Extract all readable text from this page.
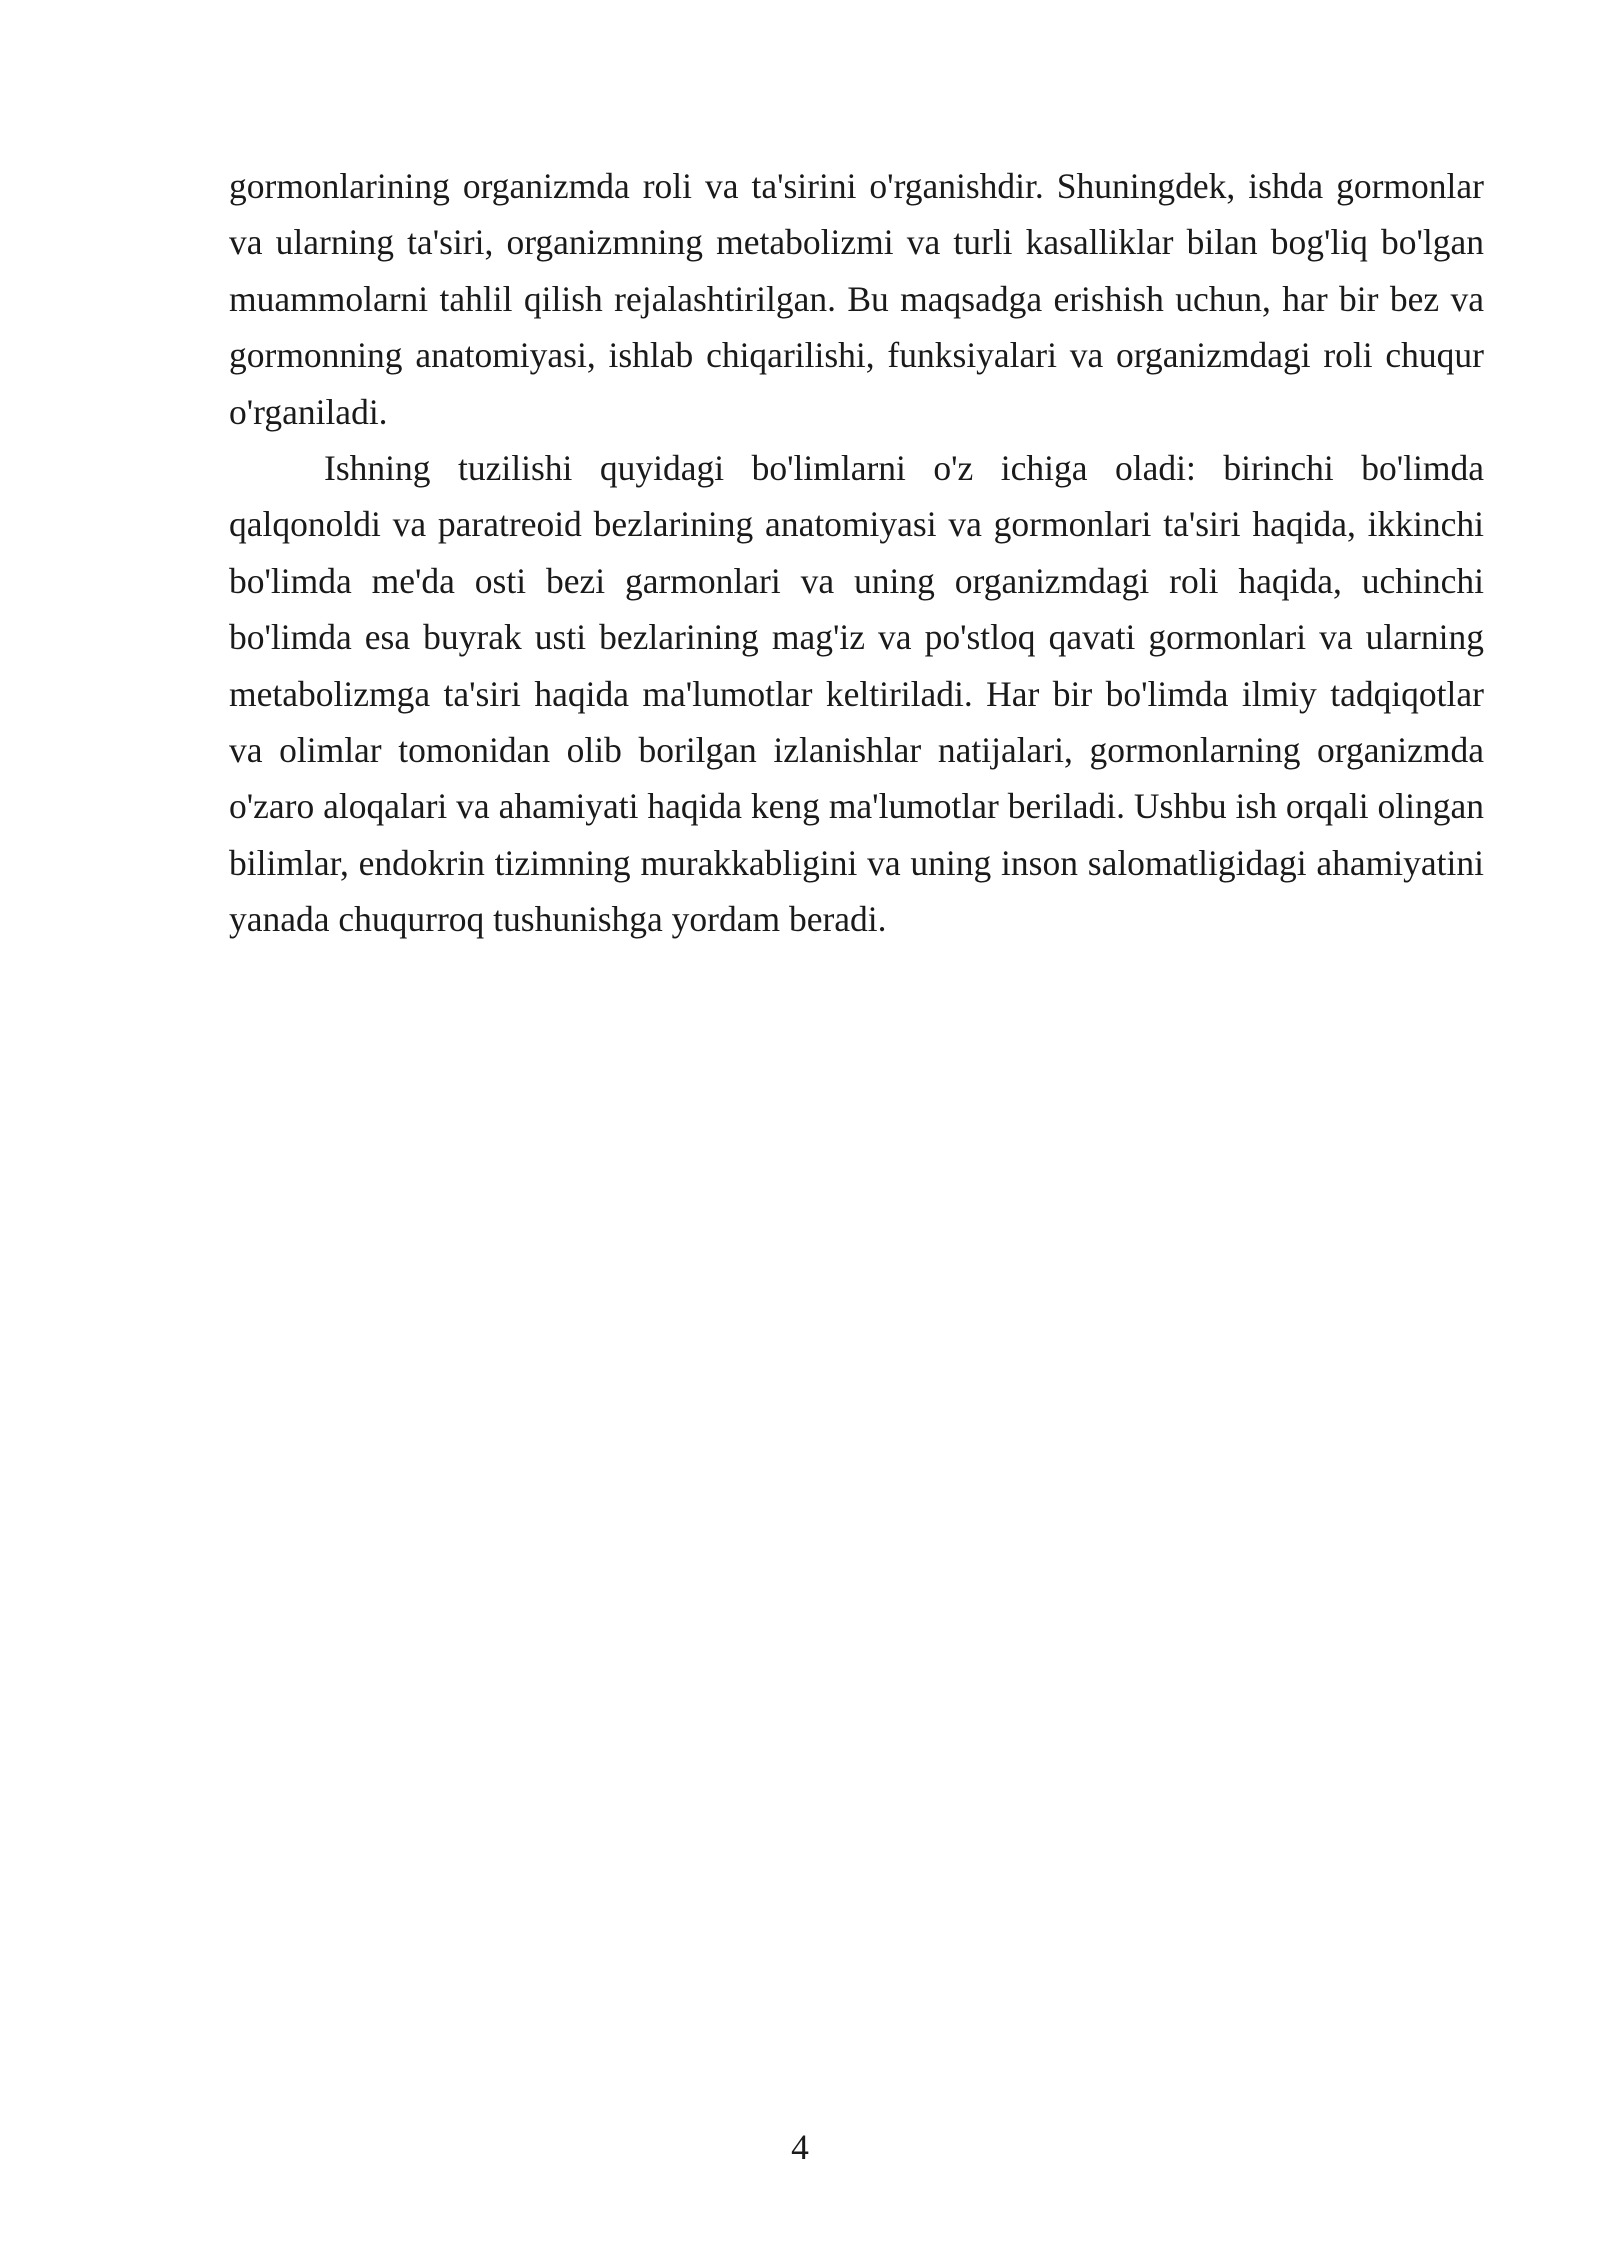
gormonlarining organizmda roli va ta'sirini o'rganishdir. Shuningdek, ishda gormonlar va ularning ta'siri, organizmning metabolizmi va turli kasalliklar bilan bog'liq bo'lgan muammolarni tahlil qilish rejalashtirilgan. Bu maqsadga erishish uchun, har bir bez va gormonning anatomiyasi, ishlab chiqarilishi, funksiyalari va organizmdagi roli chuqur o'rganiladi.

Ishning tuzilishi quyidagi bo'limlarni o'z ichiga oladi: birinchi bo'limda qalqonoldi va paratreoid bezlarining anatomiyasi va gormonlari ta'siri haqida, ikkinchi bo'limda me'da osti bezi garmonlari va uning organizmdagi roli haqida, uchinchi bo'limda esa buyrak usti bezlarining mag'iz va po'stloq qavati gormonlari va ularning metabolizmga ta'siri haqida ma'lumotlar keltiriladi. Har bir bo'limda ilmiy tadqiqotlar va olimlar tomonidan olib borilgan izlanishlar natijalari, gormonlarning organizmda o'zaro aloqalari va ahamiyati haqida keng ma'lumotlar beriladi. Ushbu ish orqali olingan bilimlar, endokrin tizimning murakkabligini va uning inson salomatligidagi ahamiyatini yanada chuqurroq tushunishga yordam beradi.

4
